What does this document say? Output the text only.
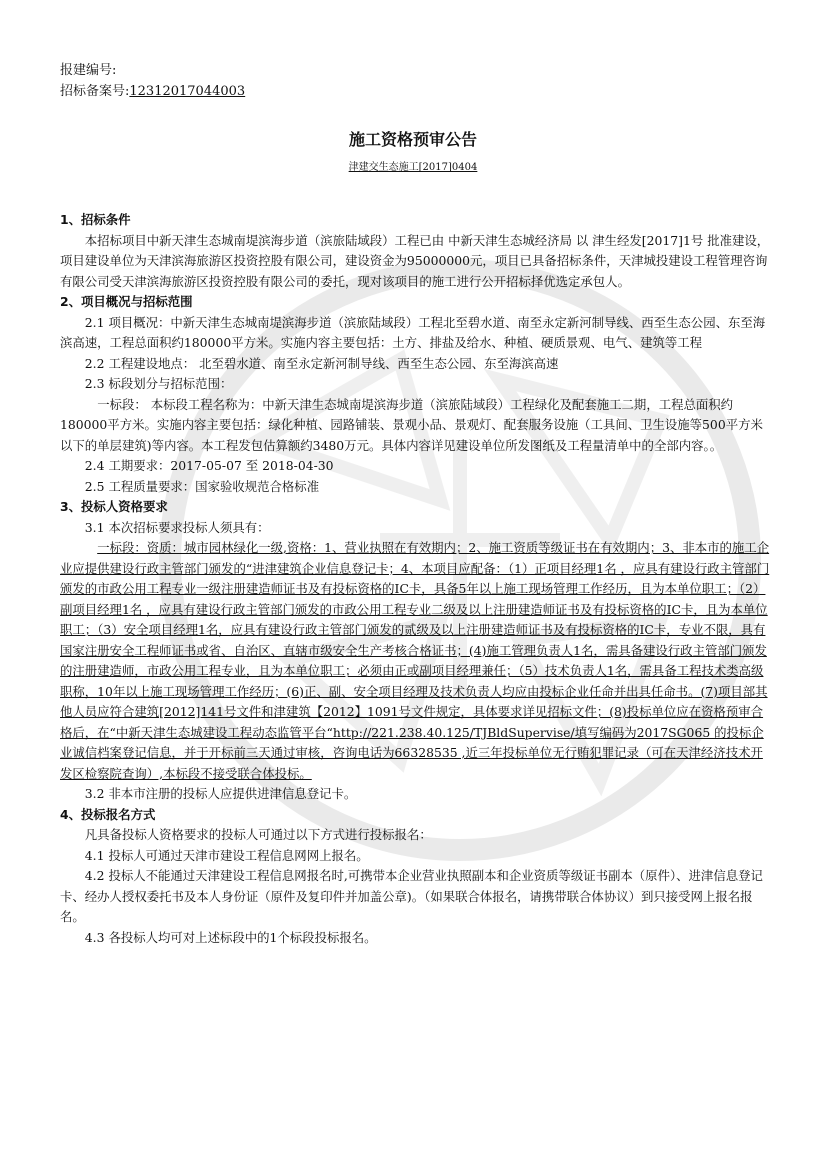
报建编号:
招标备案号:12312017044003
施工资格预审公告
津建交生态施工[2017]0404
1、招标条件

本招标项目中新天津生态城南堤滨海步道（滨旅陆域段）工程已由 中新天津生态城经济局 以 津生经发[2017]1号 批准建设，项目建设单位为天津滨海旅游区投资控股有限公司，建设资金为95000000元，项目已具备招标条件，天津城投建设工程管理咨询有限公司受天津滨海旅游区投资控股有限公司的委托，现对该项目的施工进行公开招标择优选定承包人。

2、项目概况与招标范围

2.1 项目概况：中新天津生态城南堤滨海步道（滨旅陆域段）工程北至碧水道、南至永定新河制导线、西至生态公园、东至海滨高速，工程总面积约180000平方米。实施内容主要包括：土方、排盐及给水、种植、硬质景观、电气、建筑等工程

2.2 工程建设地点： 北至碧水道、南至永定新河制导线、西至生态公园、东至海滨高速

2.3 标段划分与招标范围：

一标段： 本标段工程名称为：中新天津生态城南堤滨海步道（滨旅陆域段）工程绿化及配套施工二期，工程总面积约180000平方米。实施内容主要包括：绿化种植、园路铺装、景观小品、景观灯、配套服务设施（工具间、卫生设施等500平方米以下的单层建筑)等内容。本工程发包估算额约3480万元。具体内容详见建设单位所发图纸及工程量清单中的全部内容。。

2.4 工期要求：2017-05-07 至 2018-04-30

2.5 工程质量要求：国家验收规范合格标准

3、投标人资格要求

3.1 本次招标要求投标人须具有：

一标段：资质：城市园林绿化一级,资格：1、营业执照在有效期内；2、施工资质等级证书在有效期内；3、非本市的施工企业应提供建设行政主管部门颁发的“进津建筑企业信息登记卡；4、本项目应配备：（1）正项目经理1名 ，应具有建设行政主管部门颁发的市政公用工程专业一级注册建造师证书及有投标资格的IC卡，具备5年以上施工现场管理工作经历，且为本单位职工；（2）副项目经理1名 ，应具有建设行政主管部门颁发的市政公用工程专业二级及以上注册建造师证书及有投标资格的IC卡，且为本单位职工；（3）安全项目经理1名，应具有建设行政主管部门颁发的贰级及以上注册建造师证书及有投标资格的IC卡，专业不限，具有国家注册安全工程师证书或省、自治区、直辖市级安全生产考核合格证书；(4)施工管理负责人1名，需具备建设行政主管部门颁发的注册建造师，市政公用工程专业，且为本单位职工；必须由正或副项目经理兼任；（5）技术负责人1名，需具备工程技术类高级职称，10年以上施工现场管理工作经历；(6)正、副、安全项目经理及技术负责人均应由投标企业任命并出具任命书。(7)项目部其他人员应符合建筑[2012]141号文件和津建筑【2012】1091号文件规定，具体要求详见招标文件；(8)投标单位应在资格预审合格后，在“中新天津生态城建设工程动态监管平台“http://221.238.40.125/TJBldSupervise/填写编码为2017SG065 的投标企业诚信档案登记信息，并于开标前三天通过审核，咨询电话为66328535 ,近三年投标单位无行贿犯罪记录（可在天津经济技术开发区检察院查询）,本标段不接受联合体投标。

3.2 非本市注册的投标人应提供进津信息登记卡。

4、投标报名方式

凡具备投标人资格要求的投标人可通过以下方式进行投标报名：

4.1 投标人可通过天津市建设工程信息网网上报名。

4.2 投标人不能通过天津建设工程信息网报名时,可携带本企业营业执照副本和企业资质等级证书副本（原件）、进津信息登记卡、经办人授权委托书及本人身份证（原件及复印件并加盖公章)。（如果联合体报名，请携带联合体协议）到只接受网上报名报名。

4.3 各投标人均可对上述标段中的1个标段投标报名。
